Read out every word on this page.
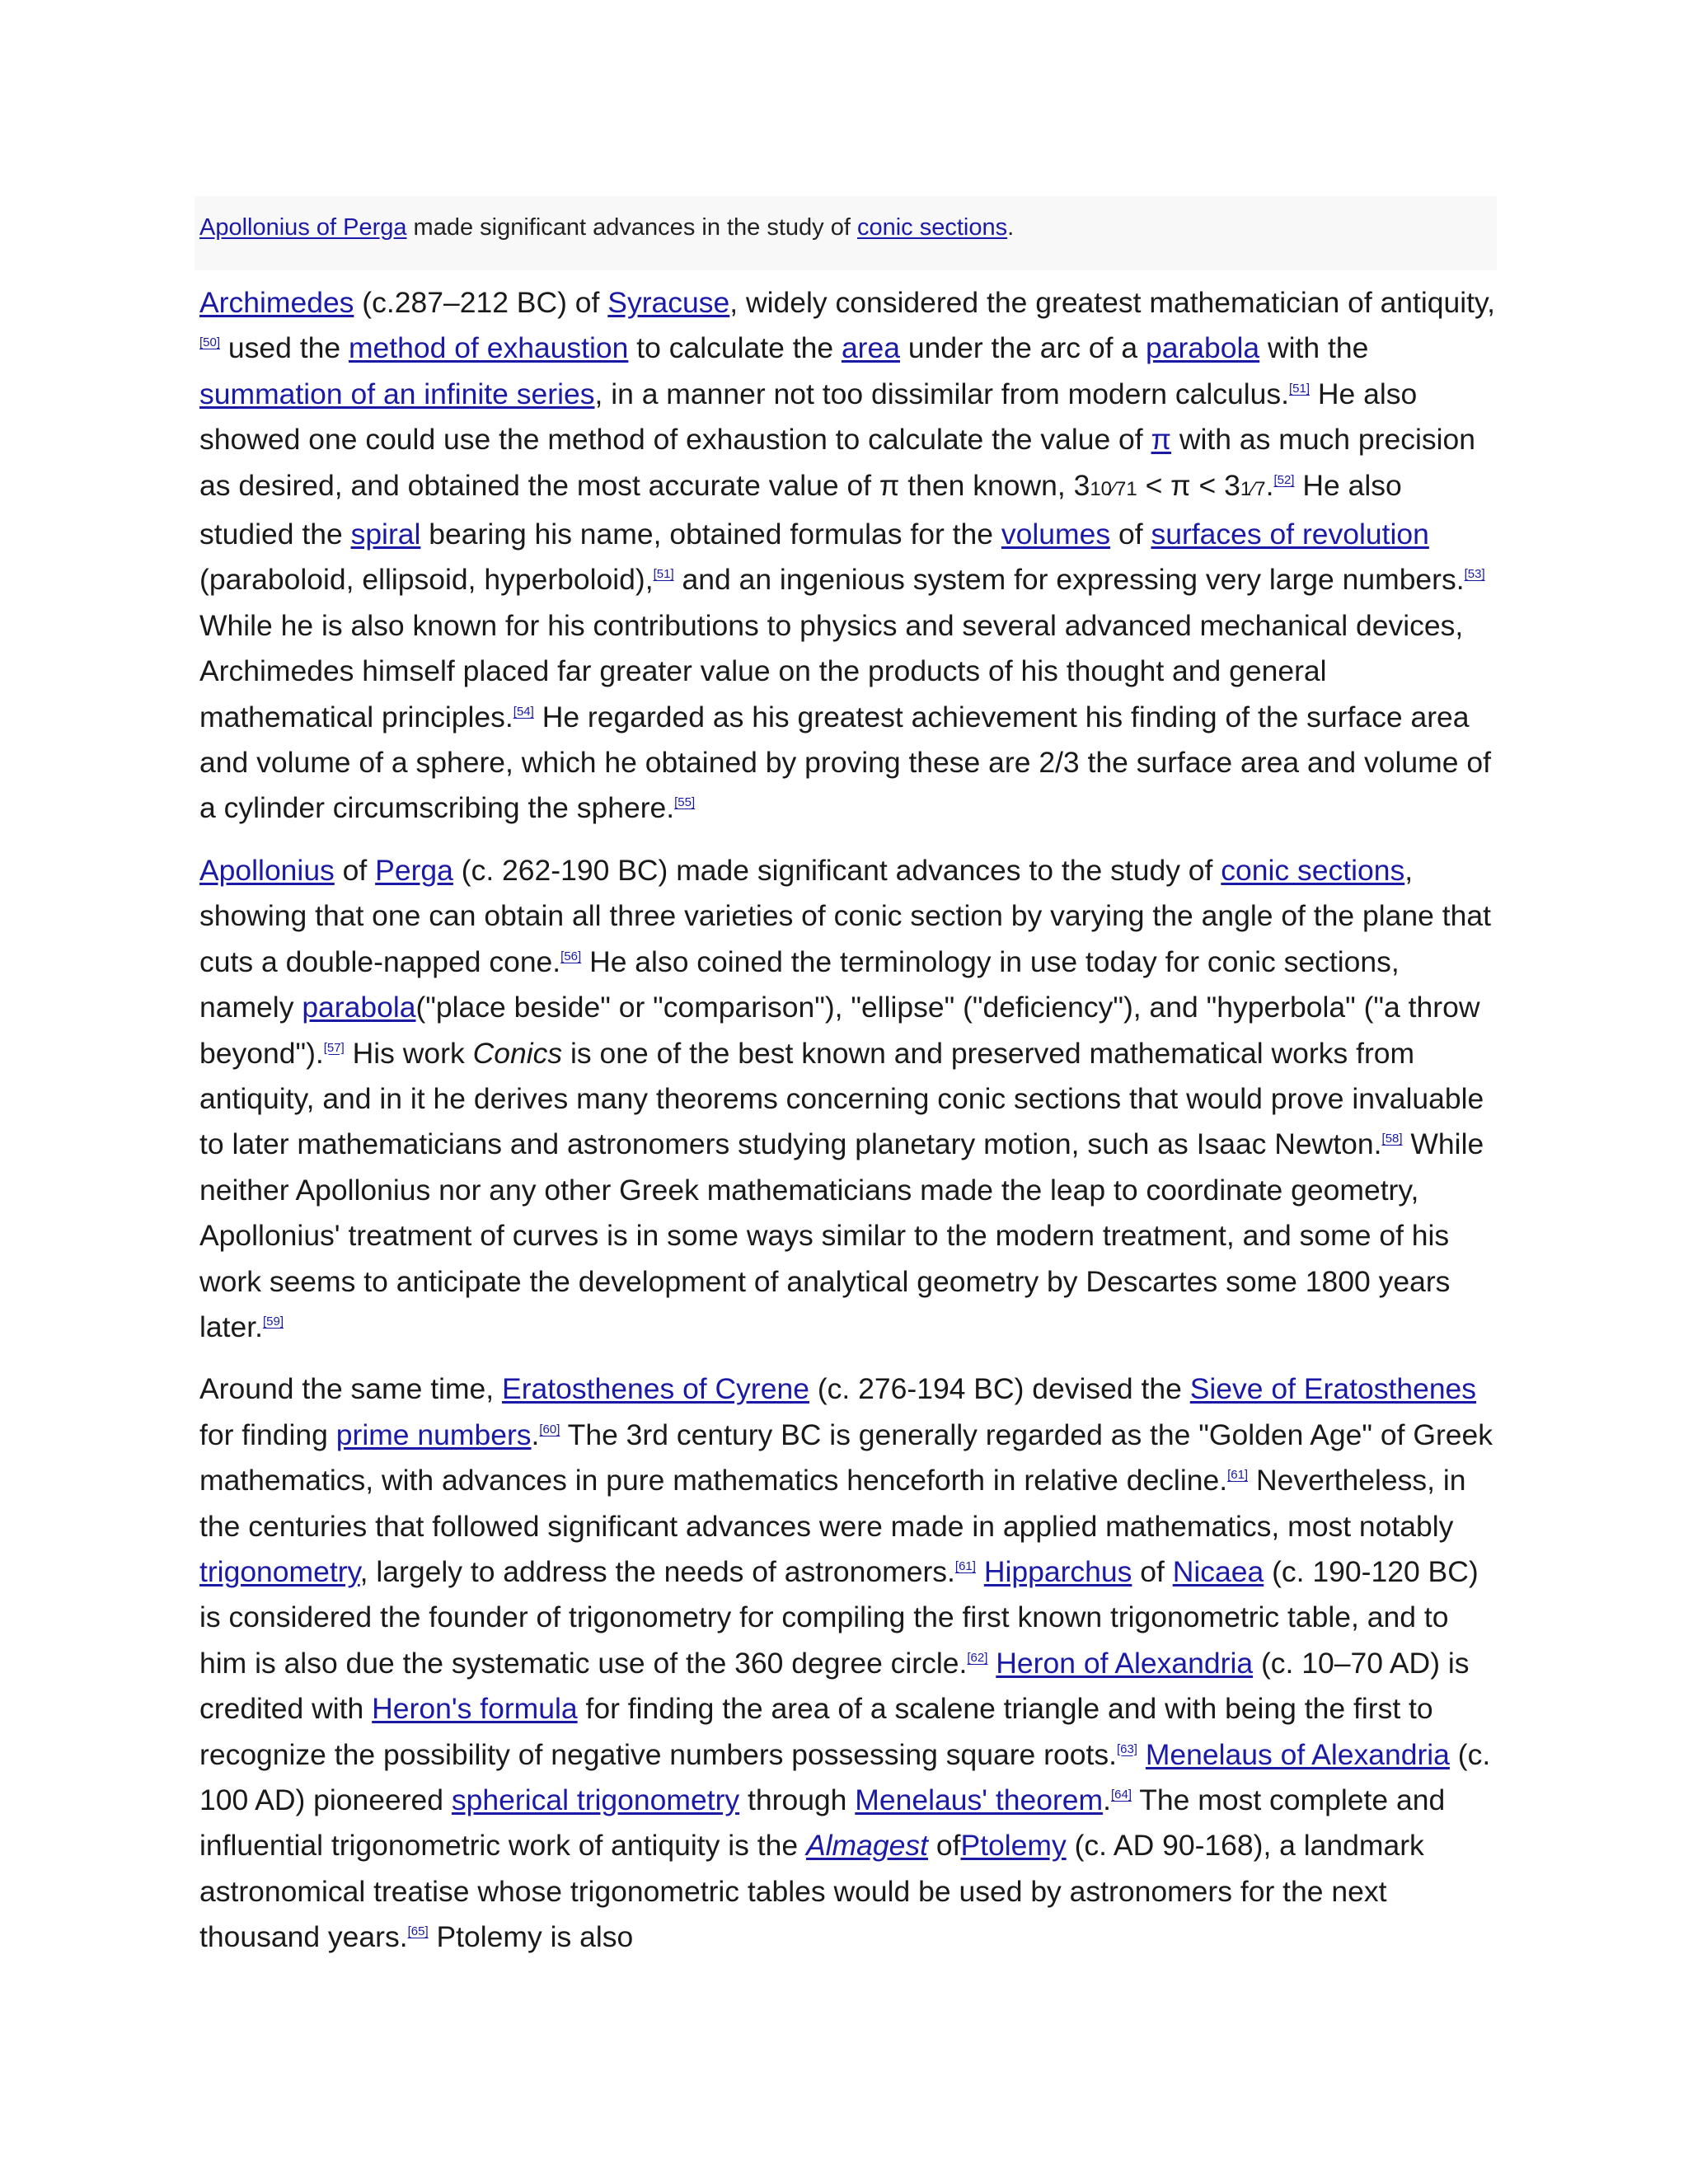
Apollonius of Perga made significant advances in the study of conic sections.

Archimedes (c.287–212 BC) of Syracuse, widely considered the greatest mathematician of antiquity,[50] used the method of exhaustion to calculate the area under the arc of a parabola with the summation of an infinite series, in a manner not too dissimilar from modern calculus.[51] He also showed one could use the method of exhaustion to calculate the value of π with as much precision as desired, and obtained the most accurate value of π then known, 310⁄71 < π < 31⁄7.[52] He also studied the spiral bearing his name, obtained formulas for the volumes of surfaces of revolution (paraboloid, ellipsoid, hyperboloid),[51] and an ingenious system for expressing very large numbers.[53] While he is also known for his contributions to physics and several advanced mechanical devices, Archimedes himself placed far greater value on the products of his thought and general mathematical principles.[54] He regarded as his greatest achievement his finding of the surface area and volume of a sphere, which he obtained by proving these are 2/3 the surface area and volume of a cylinder circumscribing the sphere.[55]

Apollonius of Perga (c. 262-190 BC) made significant advances to the study of conic sections, showing that one can obtain all three varieties of conic section by varying the angle of the plane that cuts a double-napped cone.[56] He also coined the terminology in use today for conic sections, namely parabola("place beside" or "comparison"), "ellipse" ("deficiency"), and "hyperbola" ("a throw beyond").[57] His work Conics is one of the best known and preserved mathematical works from antiquity, and in it he derives many theorems concerning conic sections that would prove invaluable to later mathematicians and astronomers studying planetary motion, such as Isaac Newton.[58] While neither Apollonius nor any other Greek mathematicians made the leap to coordinate geometry, Apollonius' treatment of curves is in some ways similar to the modern treatment, and some of his work seems to anticipate the development of analytical geometry by Descartes some 1800 years later.[59]

Around the same time, Eratosthenes of Cyrene (c. 276-194 BC) devised the Sieve of Eratosthenes for finding prime numbers.[60] The 3rd century BC is generally regarded as the "Golden Age" of Greek mathematics, with advances in pure mathematics henceforth in relative decline.[61] Nevertheless, in the centuries that followed significant advances were made in applied mathematics, most notably trigonometry, largely to address the needs of astronomers.[61] Hipparchus of Nicaea (c. 190-120 BC) is considered the founder of trigonometry for compiling the first known trigonometric table, and to him is also due the systematic use of the 360 degree circle.[62] Heron of Alexandria (c. 10–70 AD) is credited with Heron's formula for finding the area of a scalene triangle and with being the first to recognize the possibility of negative numbers possessing square roots.[63] Menelaus of Alexandria (c. 100 AD) pioneered spherical trigonometry through Menelaus' theorem.[64] The most complete and influential trigonometric work of antiquity is the Almagest ofPtolemy (c. AD 90-168), a landmark astronomical treatise whose trigonometric tables would be used by astronomers for the next thousand years.[65] Ptolemy is also
